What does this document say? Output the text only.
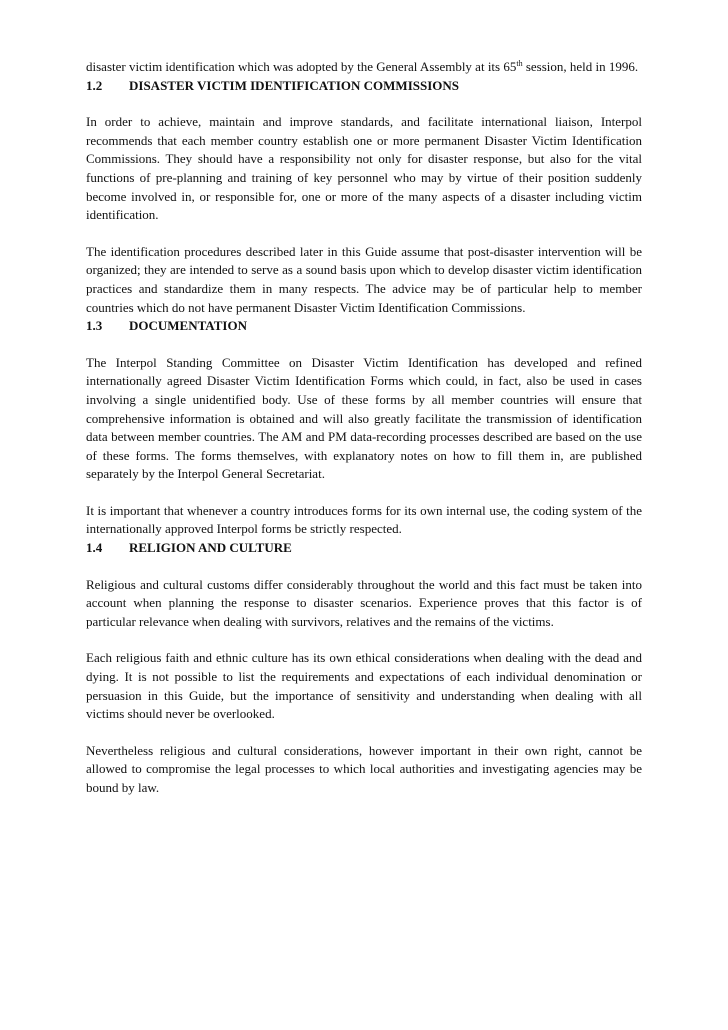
disaster victim identification which was adopted by the General Assembly at its 65th session, held in 1996.

1.2	DISASTER VICTIM IDENTIFICATION COMMISSIONS

In order to achieve, maintain and improve standards, and facilitate international liaison, Interpol recommends that each member country establish one or more permanent Disaster Victim Identification Commissions. They should have a responsibility not only for disaster response, but also for the vital functions of pre-planning and training of key personnel who may by virtue of their position suddenly become involved in, or responsible for, one or more of the many aspects of a disaster including victim identification.

The identification procedures described later in this Guide assume that post-disaster intervention will be organized; they are intended to serve as a sound basis upon which to develop disaster victim identification practices and standardize them in many respects. The advice may be of particular help to member countries which do not have permanent Disaster Victim Identification Commissions.

1.3	DOCUMENTATION

The Interpol Standing Committee on Disaster Victim Identification has developed and refined internationally agreed Disaster Victim Identification Forms which could, in fact, also be used in cases involving a single unidentified body. Use of these forms by all member countries will ensure that comprehensive information is obtained and will also greatly facilitate the transmission of identification data between member countries. The AM and PM data-recording processes described are based on the use of these forms. The forms themselves, with explanatory notes on how to fill them in, are published separately by the Interpol General Secretariat.

It is important that whenever a country introduces forms for its own internal use, the coding system of the internationally approved Interpol forms be strictly respected.

1.4	RELIGION AND CULTURE

Religious and cultural customs differ considerably throughout the world and this fact must be taken into account when planning the response to disaster scenarios. Experience proves that this factor is of particular relevance when dealing with survivors, relatives and the remains of the victims.

Each religious faith and ethnic culture has its own ethical considerations when dealing with the dead and dying. It is not possible to list the requirements and expectations of each individual denomination or persuasion in this Guide, but the importance of sensitivity and understanding when dealing with all victims should never be overlooked.

Nevertheless religious and cultural considerations, however important in their own right, cannot be allowed to compromise the legal processes to which local authorities and investigating agencies may be bound by law.
